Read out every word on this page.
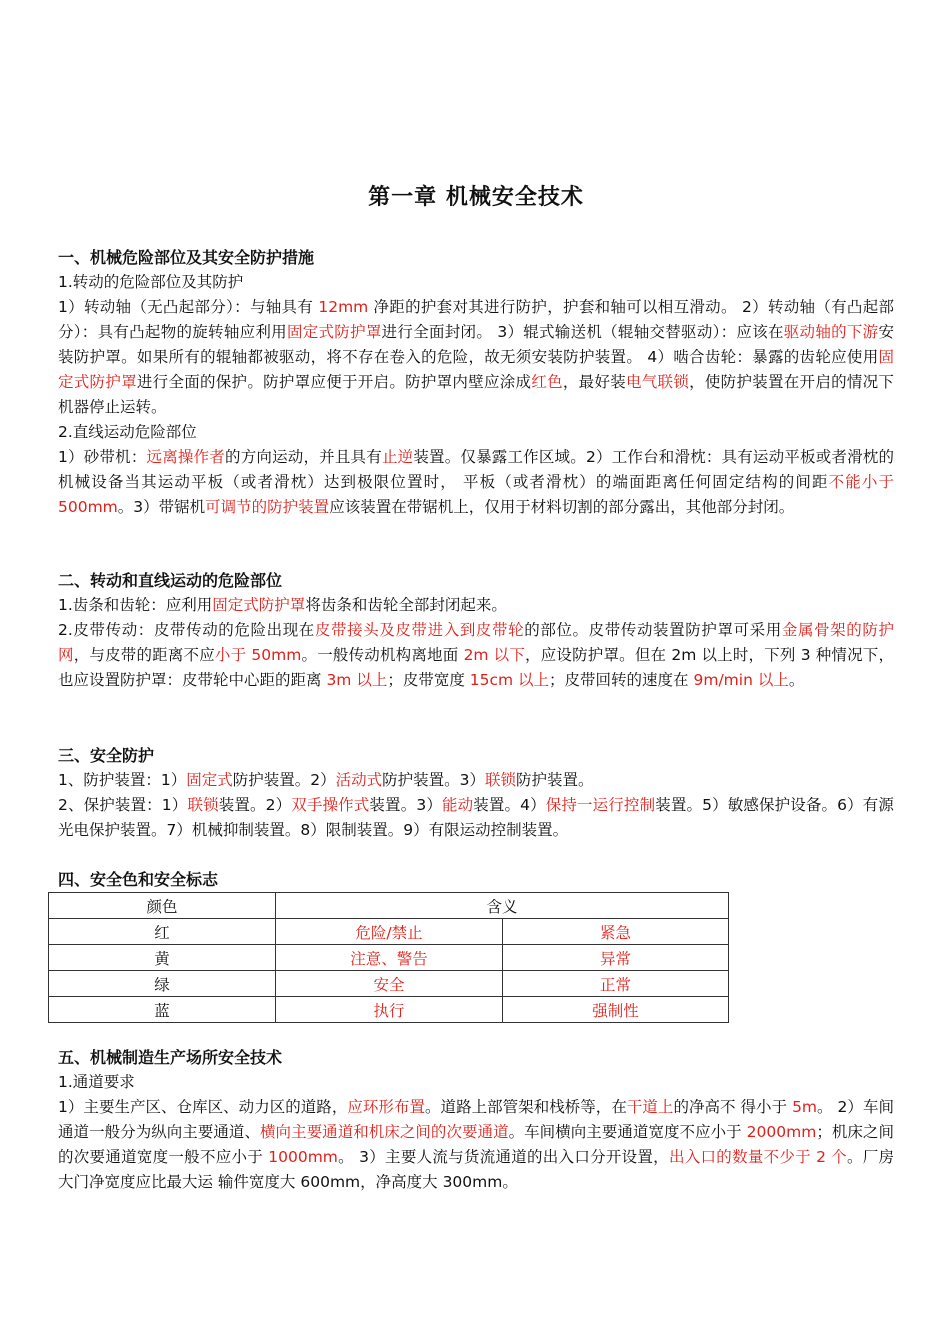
第一章 机械安全技术
一、机械危险部位及其安全防护措施
1.转动的危险部位及其防护
1）转动轴（无凸起部分）：与轴具有 12mm 净距的护套对其进行防护，护套和轴可以相互滑动。 2）转动轴（有凸起部分）：具有凸起物的旋转轴应利用固定式防护罩进行全面封闭。 3）辊式输送机（辊轴交替驱动）：应该在驱动轴的下游安装防护罩。如果所有的辊轴都被驱动，将不存在卷入的危险，故无须安装防护装置。 4）啮合齿轮：暴露的齿轮应使用固定式防护罩进行全面的保护。防护罩应便于开启。防护罩内壁应涂成红色，最好装电气联锁，使防护装置在开启的情况下机器停止运转。
2.直线运动危险部位
1）砂带机：远离操作者的方向运动，并且具有止逆装置。仅暴露工作区域。2）工作台和滑枕：具有运动平板或者滑枕的机械设备当其运动平板（或者滑枕）达到极限位置时， 平板（或者滑枕）的端面距离任何固定结构的间距不能小于 500mm。3）带锯机可调节的防护装置应该装置在带锯机上，仅用于材料切割的部分露出，其他部分封闭。
二、转动和直线运动的危险部位
1.齿条和齿轮：应利用固定式防护罩将齿条和齿轮全部封闭起来。
2.皮带传动：皮带传动的危险出现在皮带接头及皮带进入到皮带轮的部位。皮带传动装置防护罩可采用金属骨架的防护网，与皮带的距离不应小于 50mm。一般传动机构离地面 2m 以下，应设防护罩。但在 2m 以上时，下列 3 种情况下，也应设置防护罩：皮带轮中心距的距离 3m 以上；皮带宽度 15cm 以上；皮带回转的速度在 9m/min 以上。
三、安全防护
1、防护装置：1）固定式防护装置。2）活动式防护装置。3）联锁防护装置。
2、保护装置：1）联锁装置。2）双手操作式装置。3）能动装置。4）保持一运行控制装置。5）敏感保护设备。6）有源光电保护装置。7）机械抑制装置。8）限制装置。9）有限运动控制装置。
四、安全色和安全标志
颜色	含义	
红	危险/禁止	紧急
黄	注意、警告	异常
绿	安全	正常
蓝	执行	强制性
五、机械制造生产场所安全技术
1.通道要求
1）主要生产区、仓库区、动力区的道路，应环形布置。道路上部管架和栈桥等，在干道上的净高不 得小于 5m。 2）车间通道一般分为纵向主要通道、横向主要通道和机床之间的次要通道。车间横向主要通道宽度不应小于 2000mm；机床之间的次要通道宽度一般不应小于 1000mm。 3）主要人流与货流通道的出入口分开设置，出入口的数量不少于 2 个。厂房大门净宽度应比最大运 输件宽度大 600mm，净高度大 300mm。
